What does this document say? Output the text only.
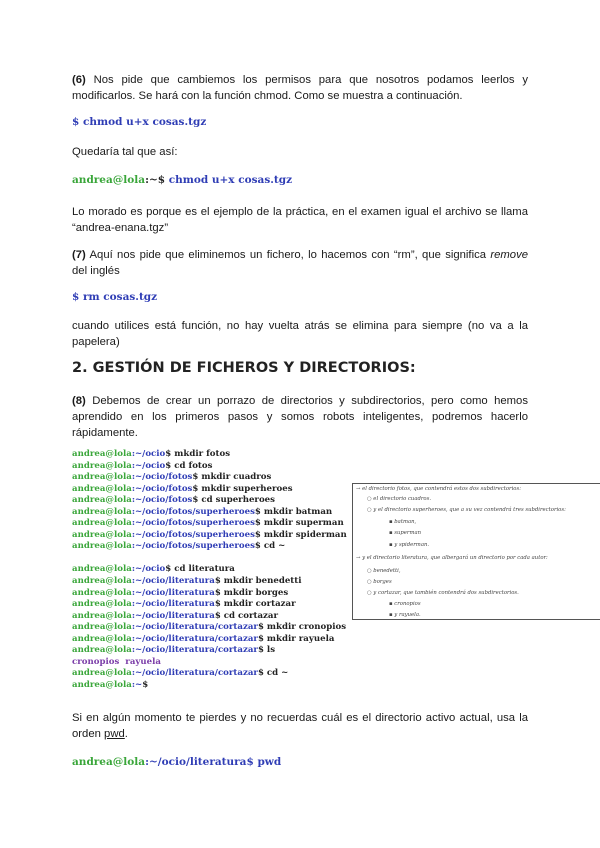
(6) Nos pide que cambiemos los permisos para que nosotros podamos leerlos y modificarlos. Se hará con la función chmod. Como se muestra a continuación.

$ chmod u+x cosas.tgz

Quedaría tal que así:

andrea@lola:~$ chmod u+x cosas.tgz

Lo morado es porque es el ejemplo de la práctica, en el examen igual el archivo se llama “andrea-enana.tgz”

(7) Aquí nos pide que eliminemos un fichero, lo hacemos con “rm”, que significa remove del inglés

$ rm cosas.tgz

cuando utilices está función, no hay vuelta atrás se elimina para siempre (no va a la papelera)

2. GESTIÓN DE FICHEROS Y DIRECTORIOS:

(8) Debemos de crear un porrazo de directorios y subdirectorios, pero como hemos aprendido en los primeros pasos y somos robots inteligentes, podremos hacerlo rápidamente.

andrea@lola:~/ocio$ mkdir fotos
andrea@lola:~/ocio$ cd fotos
andrea@lola:~/ocio/fotos$ mkdir cuadros
andrea@lola:~/ocio/fotos$ mkdir superheroes
andrea@lola:~/ocio/fotos$ cd superheroes
andrea@lola:~/ocio/fotos/superheroes$ mkdir batman
andrea@lola:~/ocio/fotos/superheroes$ mkdir superman
andrea@lola:~/ocio/fotos/superheroes$ mkdir spiderman
andrea@lola:~/ocio/fotos/superheroes$ cd ~
andrea@lola:~/ocio$ cd literatura
andrea@lola:~/ocio/literatura$ mkdir benedetti
andrea@lola:~/ocio/literatura$ mkdir borges
andrea@lola:~/ocio/literatura$ mkdir cortazar
andrea@lola:~/ocio/literatura$ cd cortazar
andrea@lola:~/ocio/literatura/cortazar$ mkdir cronopios
andrea@lola:~/ocio/literatura/cortazar$ mkdir rayuela
andrea@lola:~/ocio/literatura/cortazar$ ls
cronopios  rayuela
andrea@lola:~/ocio/literatura/cortazar$ cd ~
andrea@lola:~$
→ el directorio fotos, que contendrá estos dos subdirectorios:
○ el directorio cuadros.
○ y el directorio superheroes, que a su vez contendrá tres subdirectorios:
▪ batman,
▪ superman
▪ y spiderman.
→ y el directorio literatura, que albergará un directorio por cada autor:
○ benedetti,
○ borges
○ y cortazar, que también contendrá dos subdirectorios.
▪ cronopios
▪ y rayuela.

Si en algún momento te pierdes y no recuerdas cuál es el directorio activo actual, usa la orden pwd.

andrea@lola:~/ocio/literatura$ pwd
